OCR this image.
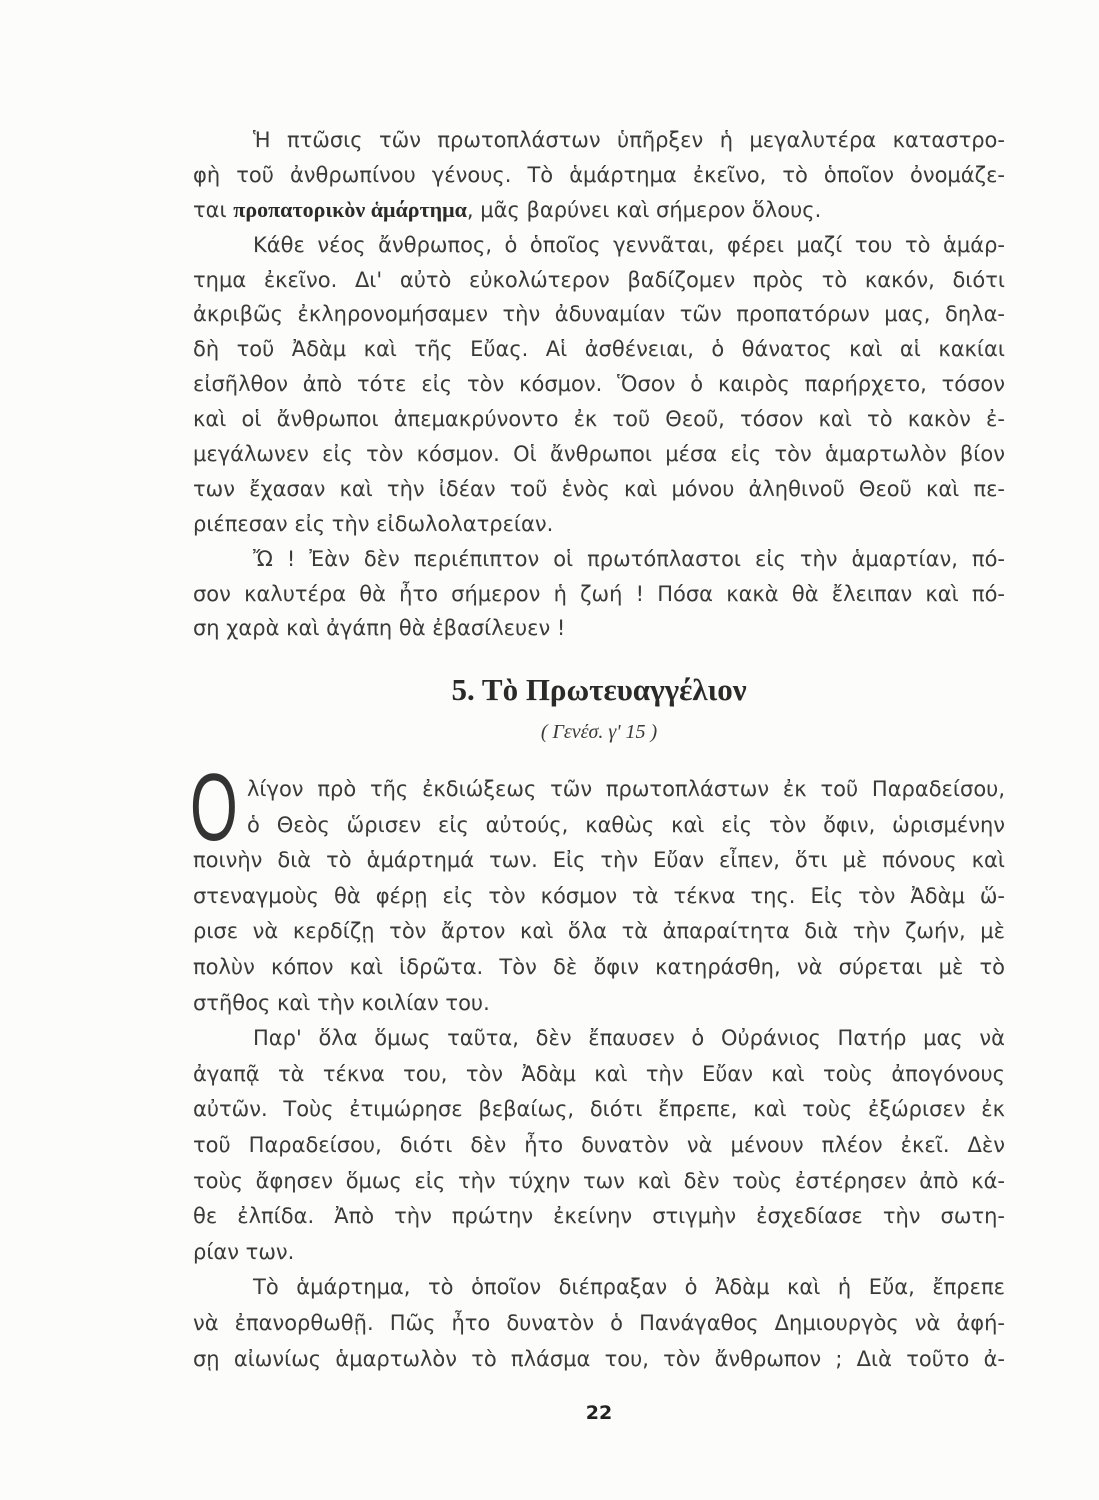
Ἡ πτῶσις τῶν πρωτοπλάστων ὑπῆρξεν ἡ μεγαλυτέρα καταστρο-
φὴ τοῦ ἀνθρωπίνου γένους. Τὸ ἁμάρτημα ἐκεῖνο, τὸ ὁποῖον ὀνομάζε-
ται προπατορικὸν ἁμάρτημα, μᾶς βαρύνει καὶ σήμερον ὅλους.
Κάθε νέος ἄνθρωπος, ὁ ὁποῖος γεννᾶται, φέρει μαζί του τὸ ἁμάρ-
τημα ἐκεῖνο. Δι' αὐτὸ εὐκολώτερον βαδίζομεν πρὸς τὸ κακόν, διότι
ἀκριβῶς ἐκληρονομήσαμεν τὴν ἀδυναμίαν τῶν προπατόρων μας, δηλα-
δὴ τοῦ Ἀδὰμ καὶ τῆς Εὔας. Αἱ ἀσθένειαι, ὁ θάνατος καὶ αἱ κακίαι
εἰσῆλθον ἀπὸ τότε εἰς τὸν κόσμον. Ὅσον ὁ καιρὸς παρήρχετο, τόσον
καὶ οἱ ἄνθρωποι ἀπεμακρύνοντο ἐκ τοῦ Θεοῦ, τόσον καὶ τὸ κακὸν ἐ-
μεγάλωνεν εἰς τὸν κόσμον. Οἱ ἄνθρωποι μέσα εἰς τὸν ἁμαρτωλὸν βίον
των ἔχασαν καὶ τὴν ἰδέαν τοῦ ἑνὸς καὶ μόνου ἀληθινοῦ Θεοῦ καὶ πε-
ριέπεσαν εἰς τὴν εἰδωλολατρείαν.
Ὤ ! Ἐὰν δὲν περιέπιπτον οἱ πρωτόπλαστοι εἰς τὴν ἁμαρτίαν, πό-
σον καλυτέρα θὰ ἦτο σήμερον ἡ ζωή ! Πόσα κακὰ θὰ ἔλειπαν καὶ πό-
ση χαρὰ καὶ ἀγάπη θὰ ἐβασίλευεν !
5. Τὸ Πρωτευαγγέλιον
( Γενέσ. γ' 15 )
Ο λίγον πρὸ τῆς ἐκδιώξεως τῶν πρωτοπλάστων ἐκ τοῦ Παραδείσου,
ὁ Θεὸς ὥρισεν εἰς αὐτούς, καθὼς καὶ εἰς τὸν ὄφιν, ὡρισμένην
ποινὴν διὰ τὸ ἁμάρτημά των. Εἰς τὴν Εὔαν εἶπεν, ὅτι μὲ πόνους καὶ
στεναγμοὺς θὰ φέρῃ εἰς τὸν κόσμον τὰ τέκνα της. Εἰς τὸν Ἀδὰμ ὥ-
ρισε νὰ κερδίζῃ τὸν ἄρτον καὶ ὅλα τὰ ἀπαραίτητα διὰ τὴν ζωήν, μὲ
πολὺν κόπον καὶ ἱδρῶτα. Τὸν δὲ ὄφιν κατηράσθη, νὰ σύρεται μὲ τὸ
στῆθος καὶ τὴν κοιλίαν του.
Παρ' ὅλα ὅμως ταῦτα, δὲν ἔπαυσεν ὁ Οὐράνιος Πατήρ μας νὰ
ἀγαπᾷ τὰ τέκνα του, τὸν Ἀδὰμ καὶ τὴν Εὔαν καὶ τοὺς ἀπογόνους
αὐτῶν. Τοὺς ἐτιμώρησε βεβαίως, διότι ἔπρεπε, καὶ τοὺς ἐξώρισεν ἐκ
τοῦ Παραδείσου, διότι δὲν ἦτο δυνατὸν νὰ μένουν πλέον ἐκεῖ. Δὲν
τοὺς ἄφησεν ὅμως εἰς τὴν τύχην των καὶ δὲν τοὺς ἐστέρησεν ἀπὸ κά-
θε ἐλπίδα. Ἀπὸ τὴν πρώτην ἐκείνην στιγμὴν ἐσχεδίασε τὴν σωτη-
ρίαν των.
Τὸ ἁμάρτημα, τὸ ὁποῖον διέπραξαν ὁ Ἀδὰμ καὶ ἡ Εὔα, ἔπρεπε
νὰ ἐπανορθωθῇ. Πῶς ἦτο δυνατὸν ὁ Πανάγαθος Δημιουργὸς νὰ ἀφή-
σῃ αἰωνίως ἁμαρτωλὸν τὸ πλάσμα του, τὸν ἄνθρωπον ; Διὰ τοῦτο ἀ-
22
